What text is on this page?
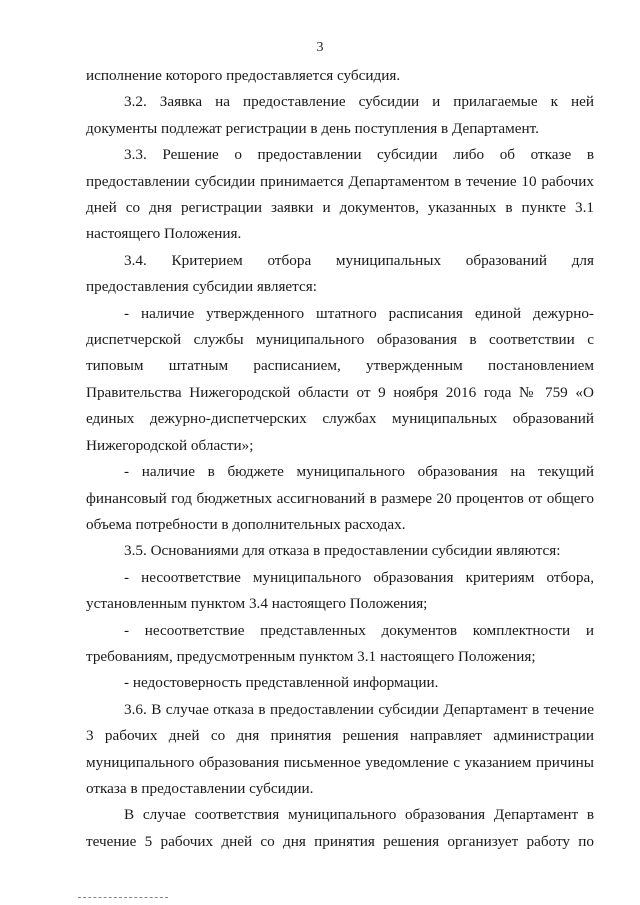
3

исполнение которого предоставляется субсидия.

3.2. Заявка на предоставление субсидии и прилагаемые к ней документы подлежат регистрации в день поступления в Департамент.

3.3. Решение о предоставлении субсидии либо об отказе в предоставлении субсидии принимается Департаментом в течение 10 рабочих дней со дня регистрации заявки и документов, указанных в пункте 3.1 настоящего Положения.

3.4. Критерием отбора муниципальных образований для предоставления субсидии является:

- наличие утвержденного штатного расписания единой дежурно-диспетчерской службы муниципального образования в соответствии с типовым штатным расписанием, утвержденным постановлением Правительства Нижегородской области от 9 ноября 2016 года № 759 «О единых дежурно-диспетчерских службах муниципальных образований Нижегородской области»;

- наличие в бюджете муниципального образования на текущий финансовый год бюджетных ассигнований в размере 20 процентов от общего объема потребности в дополнительных расходах.

3.5. Основаниями для отказа в предоставлении субсидии являются:

- несоответствие муниципального образования критериям отбора, установленным пунктом 3.4 настоящего Положения;

- несоответствие представленных документов комплектности и требованиям, предусмотренным пунктом 3.1 настоящего Положения;

- недостоверность представленной информации.

3.6. В случае отказа в предоставлении субсидии Департамент в течение 3 рабочих дней со дня принятия решения направляет администрации муниципального образования письменное уведомление с указанием причины отказа в предоставлении субсидии.

В случае соответствия муниципального образования Департамент в течение 5 рабочих дней со дня принятия решения организует работу по
